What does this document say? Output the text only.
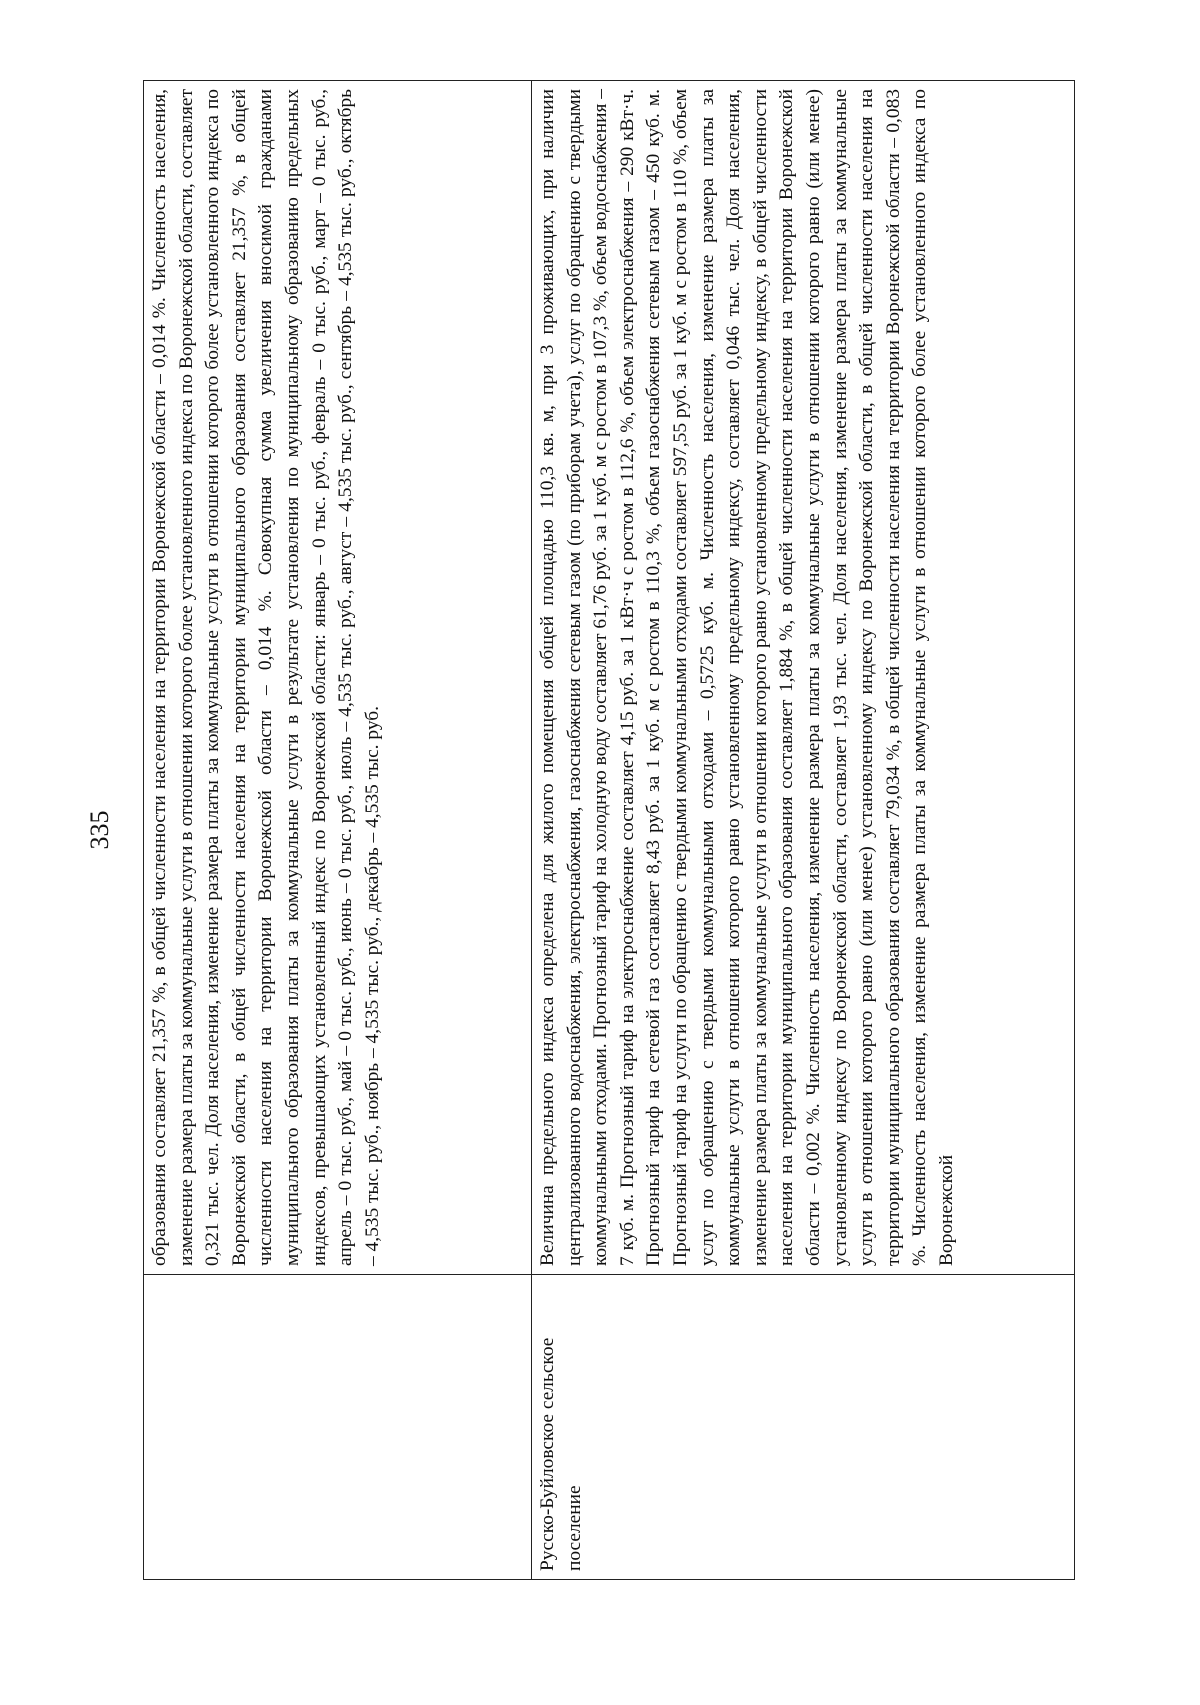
335

	образования составляет 21,357 %, в общей численности населения на территории Воронежской области – 0,014 %. Численность населения, изменение размера платы за коммунальные услуги в отношении которого более установленного индекса по Воронежской области, составляет 0,321 тыс. чел. Доля населения, изменение размера платы за коммунальные услуги в отношении которого более установленного индекса по Воронежской области, в общей численности населения на территории муниципального образования составляет 21,357 %, в общей численности населения на территории Воронежской области – 0,014 %. Совокупная сумма увеличения вносимой гражданами муниципального образования платы за коммунальные услуги в результате установления по муниципальному образованию предельных индексов, превышающих установленный индекс по Воронежской области: январь – 0 тыс. руб., февраль – 0 тыс. руб., март – 0 тыс. руб., апрель – 0 тыс. руб., май – 0 тыс. руб., июнь – 0 тыс. руб., июль – 4,535 тыс. руб., август – 4,535 тыс. руб., сентябрь – 4,535 тыс. руб., октябрь – 4,535 тыс. руб., ноябрь – 4,535 тыс. руб., декабрь – 4,535 тыс. руб.

Русско-Буйловское сельское поселение	Величина предельного индекса определена для жилого помещения общей площадью 110,3 кв. м, при 3 проживающих, при наличии централизованного водоснабжения, электроснабжения, газоснабжения сетевым газом (по приборам учета), услуг по обращению с твердыми коммунальными отходами. Прогнозный тариф на холодную воду составляет 61,76 руб. за 1 куб. м с ростом в 107,3 %, объем водоснабжения – 7 куб. м. Прогнозный тариф на электроснабжение составляет 4,15 руб. за 1 кВт·ч с ростом в 112,6 %, объем электроснабжения – 290 кВт·ч. Прогнозный тариф на сетевой газ составляет 8,43 руб. за 1 куб. м с ростом в 110,3 %, объем газоснабжения сетевым газом – 450 куб. м. Прогнозный тариф на услуги по обращению с твердыми коммунальными отходами составляет 597,55 руб. за 1 куб. м с ростом в 110 %, объем услуг по обращению с твердыми коммунальными отходами – 0,5725 куб. м. Численность населения, изменение размера платы за коммунальные услуги в отношении которого равно установленному предельному индексу, составляет 0,046 тыс. чел. Доля населения, изменение размера платы за коммунальные услуги в отношении которого равно установленному предельному индексу, в общей численности населения на территории муниципального образования составляет 1,884 %, в общей численности населения на территории Воронежской области – 0,002 %. Численность населения, изменение размера платы за коммунальные услуги в отношении которого равно (или менее) установленному индексу по Воронежской области, составляет 1,93 тыс. чел. Доля населения, изменение размера платы за коммунальные услуги в отношении которого равно (или менее) установленному индексу по Воронежской области, в общей численности населения на территории муниципального образования составляет 79,034 %, в общей численности населения на территории Воронежской области – 0,083 %. Численность населения, изменение размера платы за коммунальные услуги в отношении которого более установленного индекса по Воронежской
